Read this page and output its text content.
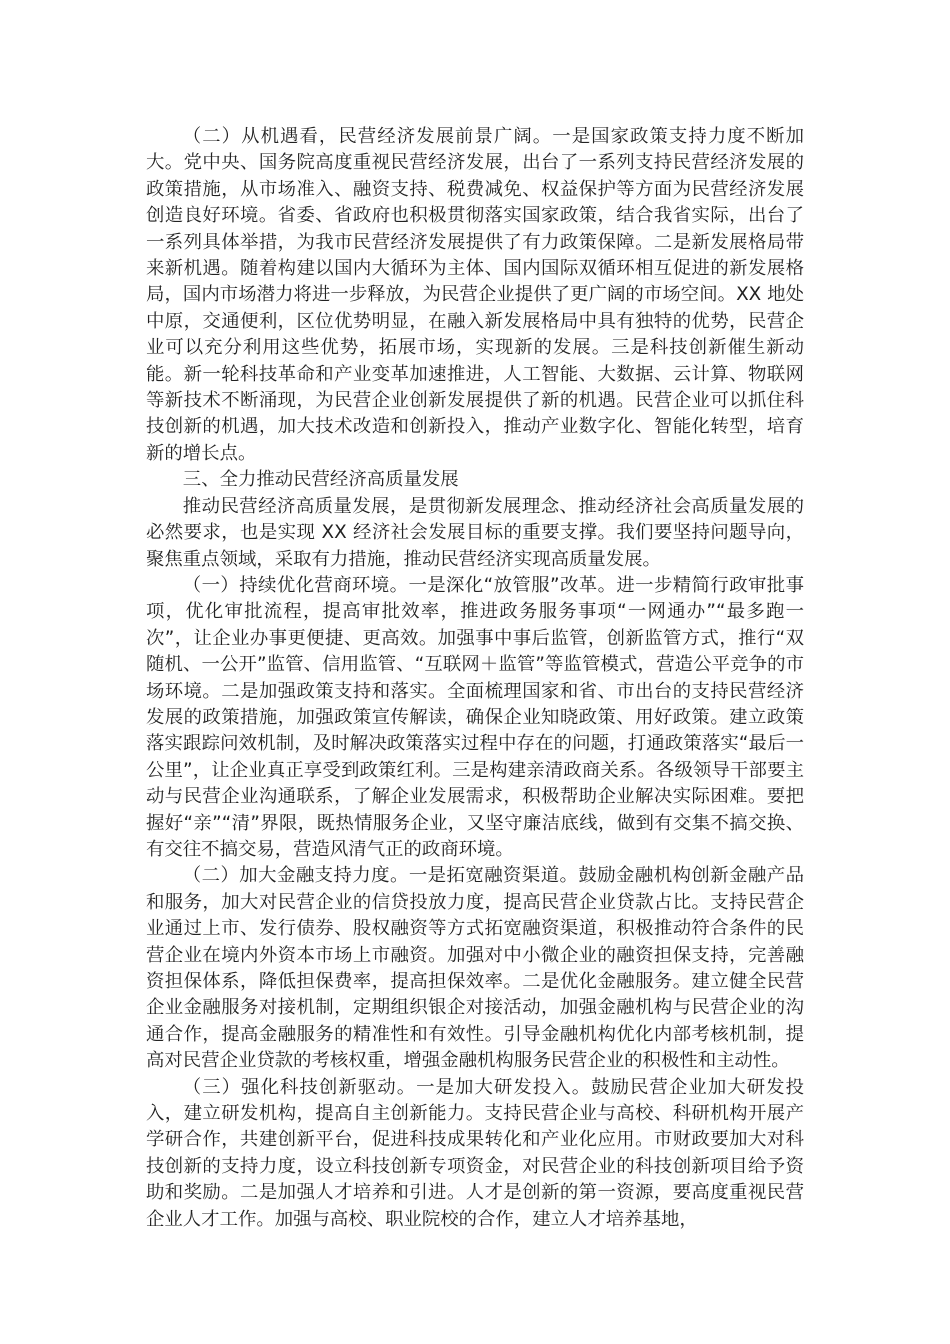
（二）从机遇看，民营经济发展前景广阔。一是国家政策支持力度不断加大。党中央、国务院高度重视民营经济发展，出台了一系列支持民营经济发展的政策措施，从市场准入、融资支持、税费减免、权益保护等方面为民营经济发展创造良好环境。省委、省政府也积极贯彻落实国家政策，结合我省实际，出台了一系列具体举措，为我市民营经济发展提供了有力政策保障。二是新发展格局带来新机遇。随着构建以国内大循环为主体、国内国际双循环相互促进的新发展格局，国内市场潜力将进一步释放，为民营企业提供了更广阔的市场空间。XX 地处中原，交通便利，区位优势明显，在融入新发展格局中具有独特的优势，民营企业可以充分利用这些优势，拓展市场，实现新的发展。三是科技创新催生新动能。新一轮科技革命和产业变革加速推进，人工智能、大数据、云计算、物联网等新技术不断涌现，为民营企业创新发展提供了新的机遇。民营企业可以抓住科技创新的机遇，加大技术改造和创新投入，推动产业数字化、智能化转型，培育新的增长点。

三、全力推动民营经济高质量发展

推动民营经济高质量发展，是贯彻新发展理念、推动经济社会高质量发展的必然要求，也是实现 XX 经济社会发展目标的重要支撑。我们要坚持问题导向，聚焦重点领域，采取有力措施，推动民营经济实现高质量发展。

（一）持续优化营商环境。一是深化“放管服”改革。进一步精简行政审批事项，优化审批流程，提高审批效率，推进政务服务事项“一网通办”“最多跑一次”，让企业办事更便捷、更高效。加强事中事后监管，创新监管方式，推行“双随机、一公开”监管、信用监管、“互联网＋监管”等监管模式，营造公平竞争的市场环境。二是加强政策支持和落实。全面梳理国家和省、市出台的支持民营经济发展的政策措施，加强政策宣传解读，确保企业知晓政策、用好政策。建立政策落实跟踪问效机制，及时解决政策落实过程中存在的问题，打通政策落实“最后一公里”，让企业真正享受到政策红利。三是构建亲清政商关系。各级领导干部要主动与民营企业沟通联系，了解企业发展需求，积极帮助企业解决实际困难。要把握好“亲”“清”界限，既热情服务企业，又坚守廉洁底线，做到有交集不搞交换、有交往不搞交易，营造风清气正的政商环境。

（二）加大金融支持力度。一是拓宽融资渠道。鼓励金融机构创新金融产品和服务，加大对民营企业的信贷投放力度，提高民营企业贷款占比。支持民营企业通过上市、发行债券、股权融资等方式拓宽融资渠道，积极推动符合条件的民营企业在境内外资本市场上市融资。加强对中小微企业的融资担保支持，完善融资担保体系，降低担保费率，提高担保效率。二是优化金融服务。建立健全民营企业金融服务对接机制，定期组织银企对接活动，加强金融机构与民营企业的沟通合作，提高金融服务的精准性和有效性。引导金融机构优化内部考核机制，提高对民营企业贷款的考核权重，增强金融机构服务民营企业的积极性和主动性。

（三）强化科技创新驱动。一是加大研发投入。鼓励民营企业加大研发投入，建立研发机构，提高自主创新能力。支持民营企业与高校、科研机构开展产学研合作，共建创新平台，促进科技成果转化和产业化应用。市财政要加大对科技创新的支持力度，设立科技创新专项资金，对民营企业的科技创新项目给予资助和奖励。二是加强人才培养和引进。人才是创新的第一资源，要高度重视民营企业人才工作。加强与高校、职业院校的合作，建立人才培养基地，
